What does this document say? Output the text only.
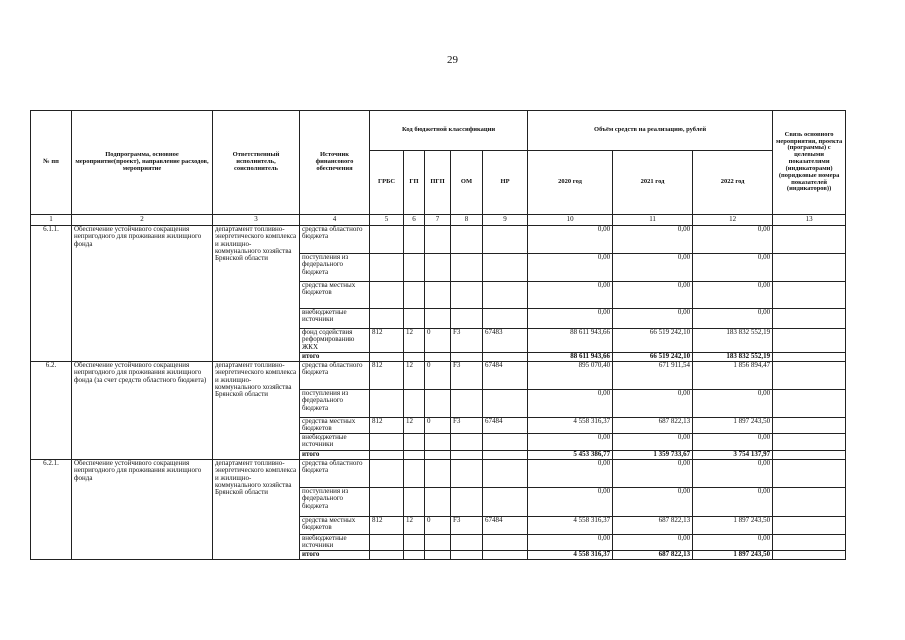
29
№ пп	Подпрограмма, основное мероприятие(проект), направление расходов, мероприятие	Ответственный исполнитель, соисполнитель	Источник финансового обеспечения	Код бюджетной классификации					Объём средств на реализацию, рублей			Связь основного мероприятия, проекта (программы) с целевыми показателями (индикаторами) (порядковые номера показателей (индикаторов))
				ГРБС	ГП	ПГП	ОМ	НР	2020 год	2021 год	2022 год	
1	2	3	4	5	6	7	8	9	10	11	12	13
6.1.1.	Обеспечение устойчивого сокращения непригодного для проживания жилищного фонда	департамент топливно-энергетического комплекса и жилищно-коммунального хозяйства Брянской области	средства областного бюджета						0,00	0,00	0,00	
			поступления из федерального бюджета						0,00	0,00	0,00	
			средства местных бюджетов						0,00	0,00	0,00	
			внебюджетные источники						0,00	0,00	0,00	
			фонд содействия реформированию ЖКХ	812	12	0	F3	67483	88 611 943,66	66 519 242,10	183 832 552,19	
			итого						88 611 943,66	66 519 242,10	183 832 552,19	
6.2.	Обеспечение устойчивого сокращения непригодного для проживания жилищного фонда (за счет средств областного бюджета)	департамент топливно-энергетического комплекса и жилищно-коммунального хозяйства Брянской области	средства областного бюджета	812	12	0	F3	67484	895 070,40	671 911,54	1 856 894,47	
			поступления из федерального бюджета						0,00	0,00	0,00	
			средства местных бюджетов	812	12	0	F3	67484	4 558 316,37	687 822,13	1 897 243,50	
			внебюджетные источники						0,00	0,00	0,00	
			итого						5 453 386,77	1 359 733,67	3 754 137,97	
6.2.1.	Обеспечение устойчивого сокращения непригодного для проживания жилищного фонда	департамент топливно-энергетического комплекса и жилищно-коммунального хозяйства Брянской области	средства областного бюджета						0,00	0,00	0,00	
			поступления из федерального бюджета						0,00	0,00	0,00	
			средства местных бюджетов	812	12	0	F3	67484	4 558 316,37	687 822,13	1 897 243,50	
			внебюджетные источники						0,00	0,00	0,00	
			итого						4 558 316,37	687 822,13	1 897 243,50	
